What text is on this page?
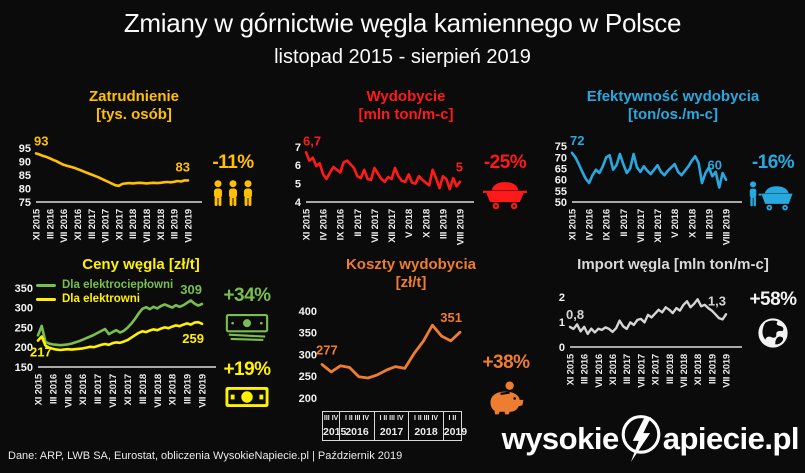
Zmiany w górnictwie węgla kamiennego w Polsce
listopad 2015 - sierpień 2019
Zatrudnienie
[tys. osób]
95
90
85
80
75
XI 2015 III 2016 VII 2016 XI 2016 III 2017 VII 2017 XI 2017 III 2018 VII 2018 XI 2018 III 2019 VII 2019
93
83	-11%
Wydobycie
[mln ton/m-c]
7
6
5
4
XI 2015 IV 2016 IX 2016 II 2017 VII 2017 XII 2017 V 2018 X 2018 III 2019 VIII 2019
6,7
5	-25%
Efektywność wydobycia
[ton/os./m-c]
75
70
65
60
55
50
XI 2015 IV 2016 IX 2016 II 2017 VII 2017 XII 2017 V 2018 X 2018 III 2019 VIII 2019
72
60	-16%
Ceny węgla [zł/t]
350
300
250
200
150
XI 2015 III 2016 VII 2016 XI 2016 III 2017 VII 2017 XI 2017 III 2018 VII 2018 XI 2018 III 2019 VII 2019
309
217
259
Dla elektrociepłowni
Dla elektrowni	+34%
+19%
Koszty wydobycia
[zł/t]
400
350
300
250
200
277
351
III IV
2015
I II III IV
2016
I II III IV
2017
I II III IV
2018
I II
2019
+38%
Import węgla [mln ton/m-c]
2
1
0
XI 2015 III 2016 VII 2016 XI 2016 III 2017 VII 2017 XI 2017 III 2018 VII 2018 XI 2018 III 2019 VII 2019
0,8
1,3 +58%
Dane: ARP, LWB SA, Eurostat, obliczenia WysokieNapiecie.pl | Październik 2019	wysokie apiecie.pl
